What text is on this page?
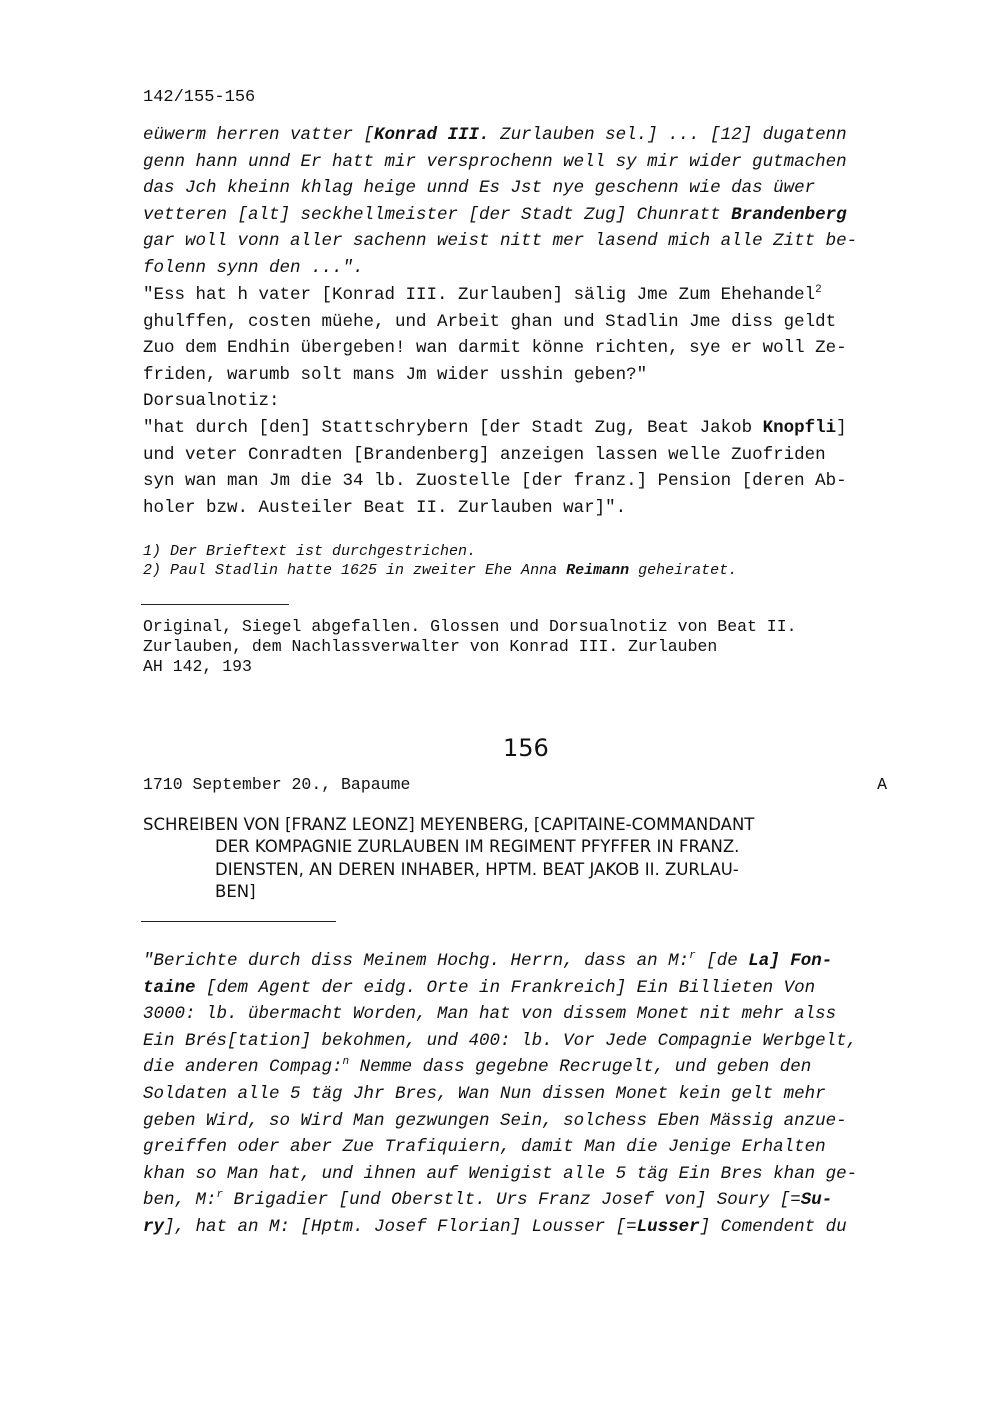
142/155-156
eüwerm herren vatter [Konrad III. Zurlauben sel.] ... [12] dugatenn
genn hann unnd Er hatt mir versprochenn well sy mir wider gutmachen
das Jch kheinn khlag heige unnd Es Jst nye geschenn wie das üwer
vetteren [alt] seckhellmeister [der Stadt Zug] Chunratt Brandenberg
gar woll vonn aller sachenn weist nitt mer lasend mich alle Zitt be-
folenn synn den ...".
"Ess hat h vater [Konrad III. Zurlauben] sälig Jme Zum Ehehandel$^2$
ghulffen, costen müehe, und Arbeit ghan und Stadlin Jme diss geldt
Zuo dem Endhin übergeben! wan darmit könne richten, sye er woll Ze-
friden, warumb solt mans Jm wider usshin geben?"
Dorsualnotiz:
"hat durch [den] Stattschrybern [der Stadt Zug, Beat Jakob Knopfli]
und veter Conradten [Brandenberg] anzeigen lassen welle Zuofriden
syn wan man Jm die 34 lb. Zuostelle [der franz.] Pension [deren Ab-
holer bzw. Austeiler Beat II. Zurlauben war]".
1) Der Brieftext ist durchgestrichen.
2) Paul Stadlin hatte 1625 in zweiter Ehe Anna Reimann geheiratet.
Original, Siegel abgefallen. Glossen und Dorsualnotiz von Beat II.
Zurlauben, dem Nachlassverwalter von Konrad III. Zurlauben
AH 142, 193
156
1710 September 20., Bapaume	A
SCHREIBEN VON [FRANZ LEONZ] MEYENBERG, [CAPITAINE-COMMANDANT
DER KOMPAGNIE ZURLAUBEN IM REGIMENT PFYFFER IN FRANZ.
DIENSTEN, AN DEREN INHABER, HPTM. BEAT JAKOB II. ZURLAU-
BEN]
"Berichte durch diss Meinem Hochg. Herrn, dass an M:$^r$ [de La] Fon-
taine [dem Agent der eidg. Orte in Frankreich] Ein Billieten Von
3000: lb. übermacht Worden, Man hat von dissem Monet nit mehr alss
Ein Brés[tation] bekohmen, und 400: lb. Vor Jede Compagnie Werbgelt,
die anderen Compag:$^n$ Nemme dass gegebne Recrugelt, und geben den
Soldaten alle 5 täg Jhr Bres, Wan Nun dissen Monet kein gelt mehr
geben Wird, so Wird Man gezwungen Sein, solchess Eben Mässig anzue-
greiffen oder aber Zue Trafiquiern, damit Man die Jenige Erhalten
khan so Man hat, und ihnen auf Wenigist alle 5 täg Ein Bres khan ge-
ben, M:$^r$ Brigadier [und Oberstlt. Urs Franz Josef von] Soury [=Su-
ry], hat an M: [Hptm. Josef Florian] Lousser [=Lusser] Comendent du
